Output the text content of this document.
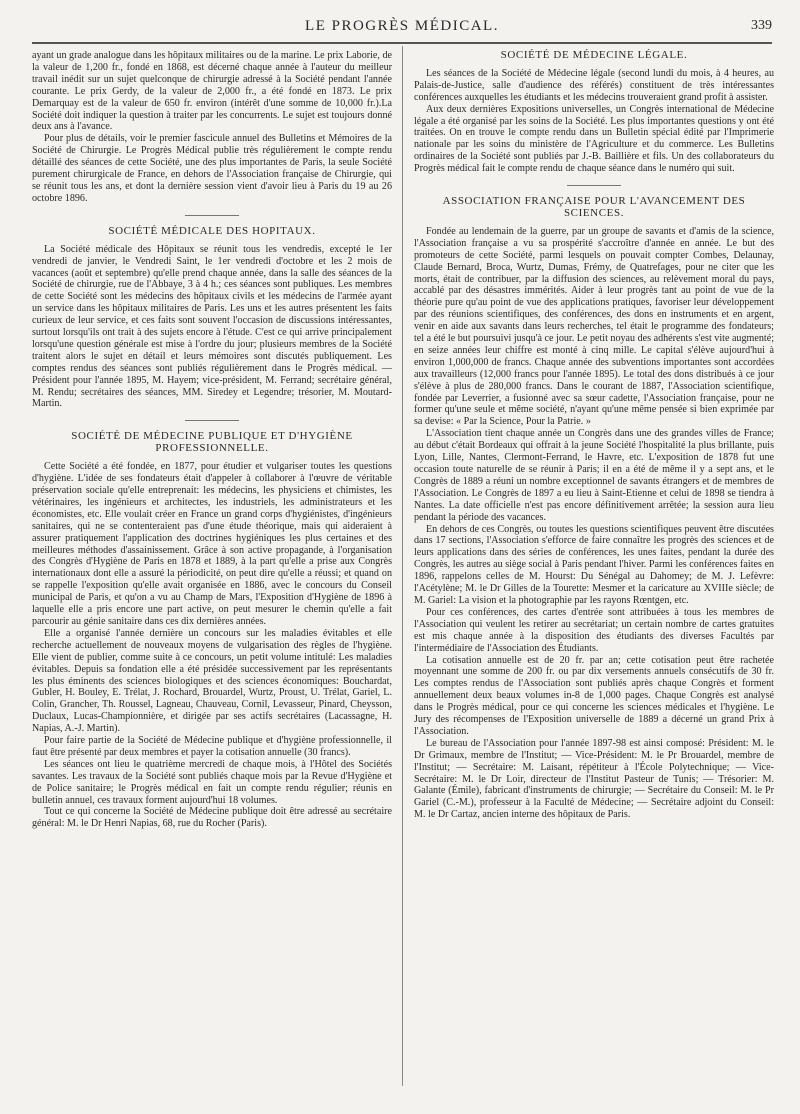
LE PROGRÈS MÉDICAL.	339

ayant un grade analogue dans les hôpitaux militaires ou de la marine. Le prix Laborie, de la valeur de 1,200 fr., fondé en 1868, est décerné chaque année à l'auteur du meilleur travail inédit sur un sujet quelconque de chirurgie adressé à la Société pendant l'année courante. Le prix Gerdy, de la valeur de 2,000 fr., a été fondé en 1873. Le prix Demarquay est de la valeur de 650 fr. environ (intérêt d'une somme de 10,000 fr.).La Société doit indiquer la question à traiter par les concurrents. Le sujet est toujours donné deux ans à l'avance.

Pour plus de détails, voir le premier fascicule annuel des Bulletins et Mémoires de la Société de Chirurgie. Le Progrès Médical publie très régulièrement le compte rendu détaillé des séances de cette Société, une des plus importantes de Paris, la seule Société purement chirurgicale de France, en dehors de l'Association française de Chirurgie, qui se réunit tous les ans, et dont la dernière session vient d'avoir lieu à Paris du 19 au 26 octobre 1896.

SOCIÉTÉ MÉDICALE DES HOPITAUX.

La Société médicale des Hôpitaux se réunit tous les vendredis, excepté le 1er vendredi de janvier, le Vendredi Saint, le 1er vendredi d'octobre et les 2 mois de vacances (août et septembre) qu'elle prend chaque année, dans la salle des séances de la Société de chirurgie, rue de l'Abbaye, 3 à 4 h.; ces séances sont publiques. Les membres de cette Société sont les médecins des hôpitaux civils et les médecins de l'armée ayant un service dans les hôpitaux militaires de Paris. Les uns et les autres présentent les faits curieux de leur service, et ces faits sont souvent l'occasion de discussions intéressantes, surtout lorsqu'ils ont trait à des sujets encore à l'étude. C'est ce qui arrive principalement lorsqu'une question générale est mise à l'ordre du jour; plusieurs membres de la Société traitent alors le sujet en détail et leurs mémoires sont discutés publiquement. Les comptes rendus des séances sont publiés régulièrement dans le Progrès médical. — Président pour l'année 1895, M. Hayem; vice-président, M. Ferrand; secrétaire général, M. Rendu; secrétaires des séances, MM. Siredey et Legendre; trésorier, M. Moutard-Martin.

SOCIÉTÉ DE MÉDECINE PUBLIQUE ET D'HYGIÈNE PROFESSIONNELLE.

Cette Société a été fondée, en 1877, pour étudier et vulgariser toutes les questions d'hygiène. L'idée de ses fondateurs était d'appeler à collaborer à l'œuvre de véritable préservation sociale qu'elle entreprenait: les médecins, les physiciens et chimistes, les vétérinaires, les ingénieurs et architectes, les industriels, les administrateurs et les économistes, etc. Elle voulait créer en France un grand corps d'hygiénistes, d'ingénieurs sanitaires, qui ne se contenteraient pas d'une étude théorique, mais qui aideraient à assurer pratiquement l'application des doctrines hygiéniques les plus certaines et des meilleures méthodes d'assainissement. Grâce à son active propagande, à l'organisation des Congrès d'Hygiène de Paris en 1878 et 1889, à la part qu'elle a prise aux Congrès internationaux dont elle a assuré la périodicité, on peut dire qu'elle a réussi; et quand on se rappelle l'exposition qu'elle avait organisée en 1886, avec le concours du Conseil municipal de Paris, et qu'on a vu au Champ de Mars, l'Exposition d'Hygiène de 1896 à laquelle elle a pris encore une part active, on peut mesurer le chemin qu'elle a fait parcourir au génie sanitaire dans ces dix dernières années.

Elle a organisé l'année dernière un concours sur les maladies évitables et elle recherche actuellement de nouveaux moyens de vulgarisation des règles de l'hygiène. Elle vient de publier, comme suite à ce concours, un petit volume intitulé: Les maladies évitables. Depuis sa fondation elle a été présidée successivement par les représentants les plus éminents des sciences biologiques et des sciences économiques: Bouchardat, Gubler, H. Bouley, E. Trélat, J. Rochard, Brouardel, Wurtz, Proust, U. Trélat, Gariel, L. Colin, Grancher, Th. Roussel, Lagneau, Chauveau, Cornil, Levasseur, Pinard, Cheysson, Duclaux, Lucas-Championnière, et dirigée par ses actifs secrétaires (Lacassagne, H. Napias, A.-J. Martin).

Pour faire partie de la Société de Médecine publique et d'hygiène professionnelle, il faut être présenté par deux membres et payer la cotisation annuelle (30 francs).

Les séances ont lieu le quatrième mercredi de chaque mois, à l'Hôtel des Sociétés savantes. Les travaux de la Société sont publiés chaque mois par la Revue d'Hygiène et de Police sanitaire; le Progrès médical en fait un compte rendu régulier; réunis en bulletin annuel, ces travaux forment aujourd'hui 18 volumes.

Tout ce qui concerne la Société de Médecine publique doit être adressé au secrétaire général: M. le Dr Henri Napias, 68, rue du Rocher (Paris).

SOCIÉTÉ DE MÉDECINE LÉGALE.

Les séances de la Société de Médecine légale (second lundi du mois, à 4 heures, au Palais-de-Justice, salle d'audience des référés) constituent de très intéressantes conférences auxquelles les étudiants et les médecins trouveraient grand profit à assister.

Aux deux dernières Expositions universelles, un Congrès international de Médecine légale a été organisé par les soins de la Société. Les plus importantes questions y ont été traitées. On en trouve le compte rendu dans un Bulletin spécial édité par l'Imprimerie nationale par les soins du ministère de l'Agriculture et du commerce. Les Bulletins ordinaires de la Société sont publiés par J.-B. Baillière et fils. Un des collaborateurs du Progrès médical fait le compte rendu de chaque séance dans le numéro qui suit.

ASSOCIATION FRANÇAISE POUR L'AVANCEMENT DES SCIENCES.

Fondée au lendemain de la guerre, par un groupe de savants et d'amis de la science, l'Association française a vu sa prospérité s'accroître d'année en année. Le but des promoteurs de cette Société, parmi lesquels on pouvait compter Combes, Delaunay, Claude Bernard, Broca, Wurtz, Dumas, Frémy, de Quatrefages, pour ne citer que les morts, était de contribuer, par la diffusion des sciences, au relèvement moral du pays, accablé par des désastres immérités. Aider à leur progrès tant au point de vue de la théorie pure qu'au point de vue des applications pratiques, favoriser leur développement par des réunions scientifiques, des conférences, des dons en instruments et en argent, venir en aide aux savants dans leurs recherches, tel était le programme des fondateurs; tel a été le but poursuivi jusqu'à ce jour. Le petit noyau des adhérents s'est vite augmenté; en seize années leur chiffre est monté à cinq mille. Le capital s'élève aujourd'hui à environ 1,000,000 de francs. Chaque année des subventions importantes sont accordées aux travailleurs (12,000 francs pour l'année 1895). Le total des dons distribués à ce jour s'élève à plus de 280,000 francs. Dans le courant de 1887, l'Association scientifique, fondée par Leverrier, a fusionné avec sa sœur cadette, l'Association française, pour ne former qu'une seule et même société, n'ayant qu'une même pensée si bien exprimée par sa devise: « Par la Science, Pour la Patrie. »

L'Association tient chaque année un Congrès dans une des grandes villes de France; au début c'était Bordeaux qui offrait à la jeune Société l'hospitalité la plus brillante, puis Lyon, Lille, Nantes, Clermont-Ferrand, le Havre, etc. L'exposition de 1878 fut une occasion toute naturelle de se réunir à Paris; il en a été de même il y a sept ans, et le Congrès de 1889 a réuni un nombre exceptionnel de savants étrangers et de membres de l'Association. Le Congrès de 1897 a eu lieu à Saint-Etienne et celui de 1898 se tiendra à Nantes. La date officielle n'est pas encore définitivement arrêtée; la session aura lieu pendant la période des vacances.

En dehors de ces Congrès, ou toutes les questions scientifiques peuvent être discutées dans 17 sections, l'Association s'efforce de faire connaître les progrès des sciences et de leurs applications dans des séries de conférences, les unes faites, pendant la durée des Congrès, les autres au siège social à Paris pendant l'hiver. Parmi les conférences faites en 1896, rappelons celles de M. Hourst: Du Sénégal au Dahomey; de M. J. Lefèvre: l'Acétylène; M. le Dr Gilles de la Tourette: Mesmer et la caricature au XVIIIe siècle; de M. Gariel: La vision et la photographie par les rayons Rœntgen, etc.

Pour ces conférences, des cartes d'entrée sont attribuées à tous les membres de l'Association qui veulent les retirer au secrétariat; un certain nombre de cartes gratuites est mis chaque année à la disposition des étudiants des diverses Facultés par l'intermédiaire de l'Association des Étudiants.

La cotisation annuelle est de 20 fr. par an; cette cotisation peut être rachetée moyennant une somme de 200 fr. ou par dix versements annuels consécutifs de 30 fr. Les comptes rendus de l'Association sont publiés après chaque Congrès et forment annuellement deux beaux volumes in-8 de 1,000 pages. Chaque Congrès est analysé dans le Progrès médical, pour ce qui concerne les sciences médicales et l'hygiène. Le Jury des récompenses de l'Exposition universelle de 1889 a décerné un grand Prix à l'Association.

Le bureau de l'Association pour l'année 1897-98 est ainsi composé: Président: M. le Dr Grimaux, membre de l'Institut; — Vice-Président: M. le Pr Brouardel, membre de l'Institut; — Secrétaire: M. Laisant, répétiteur à l'École Polytechnique; — Vice-Secrétaire: M. le Dr Loir, directeur de l'Institut Pasteur de Tunis; — Trésorier: M. Galante (Émile), fabricant d'instruments de chirurgie; — Secrétaire du Conseil: M. le Pr Gariel (C.-M.), professeur à la Faculté de Médecine; — Secrétaire adjoint du Conseil: M. le Dr Cartaz, ancien interne des hôpitaux de Paris.
